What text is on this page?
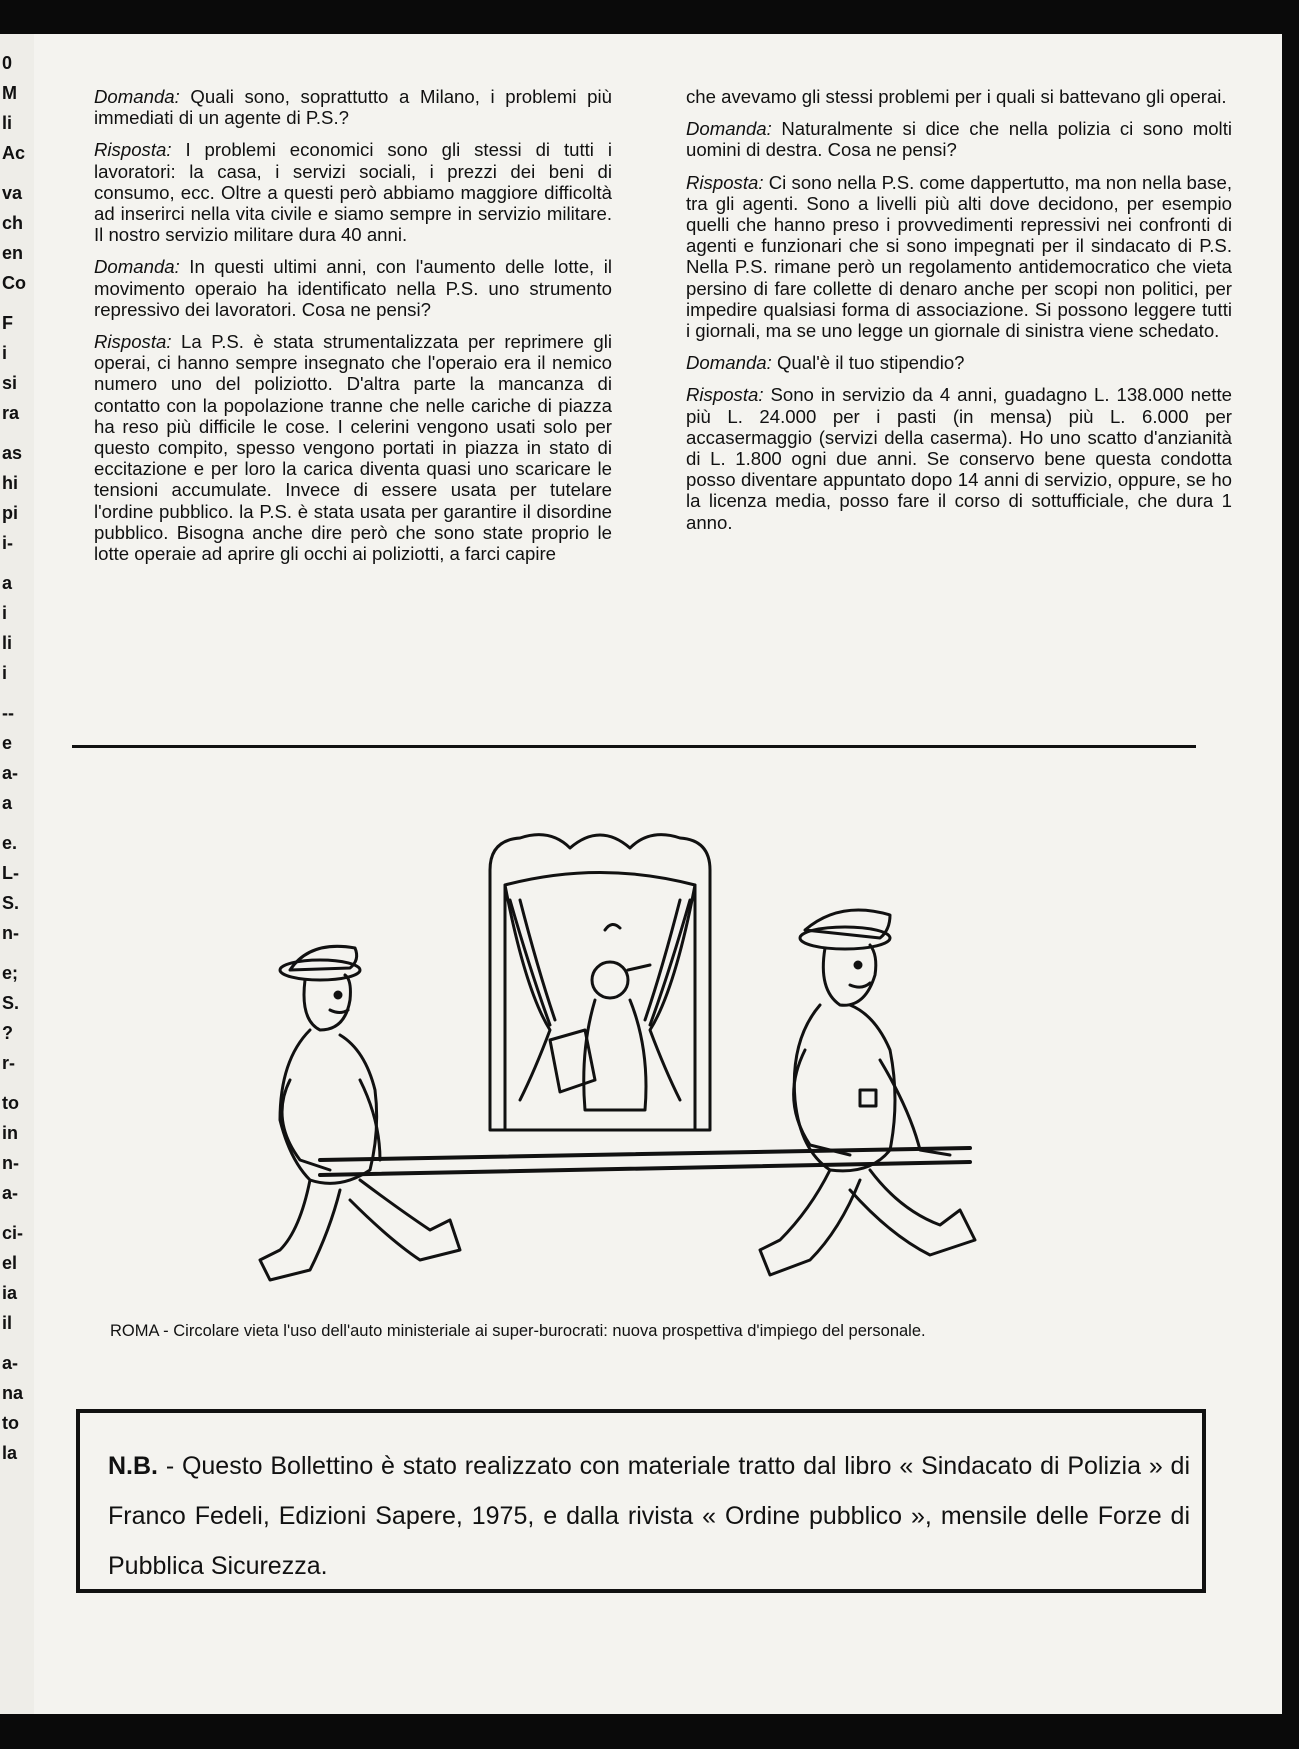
0
M
li
Ac
va
ch
en
Co
F
i
si
ra
as
hi
pi
i-
a
i
li
i
--
e
a-
a
e.
L-
S.
n-
e;
S.
?
r-
to
in
n-
a-
ci-
el
ia
il
a-
na
to
la

Domanda: Quali sono, soprattutto a Milano, i problemi più immediati di un agente di P.S.?

Risposta: I problemi economici sono gli stessi di tutti i lavoratori: la casa, i servizi sociali, i prezzi dei beni di consumo, ecc. Oltre a questi però abbiamo maggiore difficoltà ad inserirci nella vita civile e siamo sempre in servizio militare. Il nostro servizio militare dura 40 anni.

Domanda: In questi ultimi anni, con l'aumento delle lotte, il movimento operaio ha identificato nella P.S. uno strumento repressivo dei lavoratori. Cosa ne pensi?

Risposta: La P.S. è stata strumentalizzata per reprimere gli operai, ci hanno sempre insegnato che l'operaio era il nemico numero uno del poliziotto. D'altra parte la mancanza di contatto con la popolazione tranne che nelle cariche di piazza ha reso più difficile le cose. I celerini vengono usati solo per questo compito, spesso vengono portati in piazza in stato di eccitazione e per loro la carica diventa quasi uno scaricare le tensioni accumulate. Invece di essere usata per tutelare l'ordine pubblico. la P.S. è stata usata per garantire il disordine pubblico. Bisogna anche dire però che sono state proprio le lotte operaie ad aprire gli occhi ai poliziotti, a farci capire

che avevamo gli stessi problemi per i quali si battevano gli operai.

Domanda: Naturalmente si dice che nella polizia ci sono molti uomini di destra. Cosa ne pensi?

Risposta: Ci sono nella P.S. come dappertutto, ma non nella base, tra gli agenti. Sono a livelli più alti dove decidono, per esempio quelli che hanno preso i provvedimenti repressivi nei confronti di agenti e funzionari che si sono impegnati per il sindacato di P.S. Nella P.S. rimane però un regolamento antidemocratico che vieta persino di fare collette di denaro anche per scopi non politici, per impedire qualsiasi forma di associazione. Si possono leggere tutti i giornali, ma se uno legge un giornale di sinistra viene schedato.

Domanda: Qual'è il tuo stipendio?

Risposta: Sono in servizio da 4 anni, guadagno L. 138.000 nette più L. 24.000 per i pasti (in mensa) più L. 6.000 per accasermaggio (servizi della caserma). Ho uno scatto d'anzianità di L. 1.800 ogni due anni. Se conservo bene questa condotta posso diventare appuntato dopo 14 anni di servizio, oppure, se ho la licenza media, posso fare il corso di sottufficiale, che dura 1 anno.

ROMA - Circolare vieta l'uso dell'auto ministeriale ai super-burocrati: nuova prospettiva d'impiego del personale.

N.B. - Questo Bollettino è stato realizzato con materiale tratto dal libro « Sindacato di Polizia » di Franco Fedeli, Edizioni Sapere, 1975, e dalla rivista « Ordine pubblico », mensile delle Forze di Pubblica Sicurezza.
